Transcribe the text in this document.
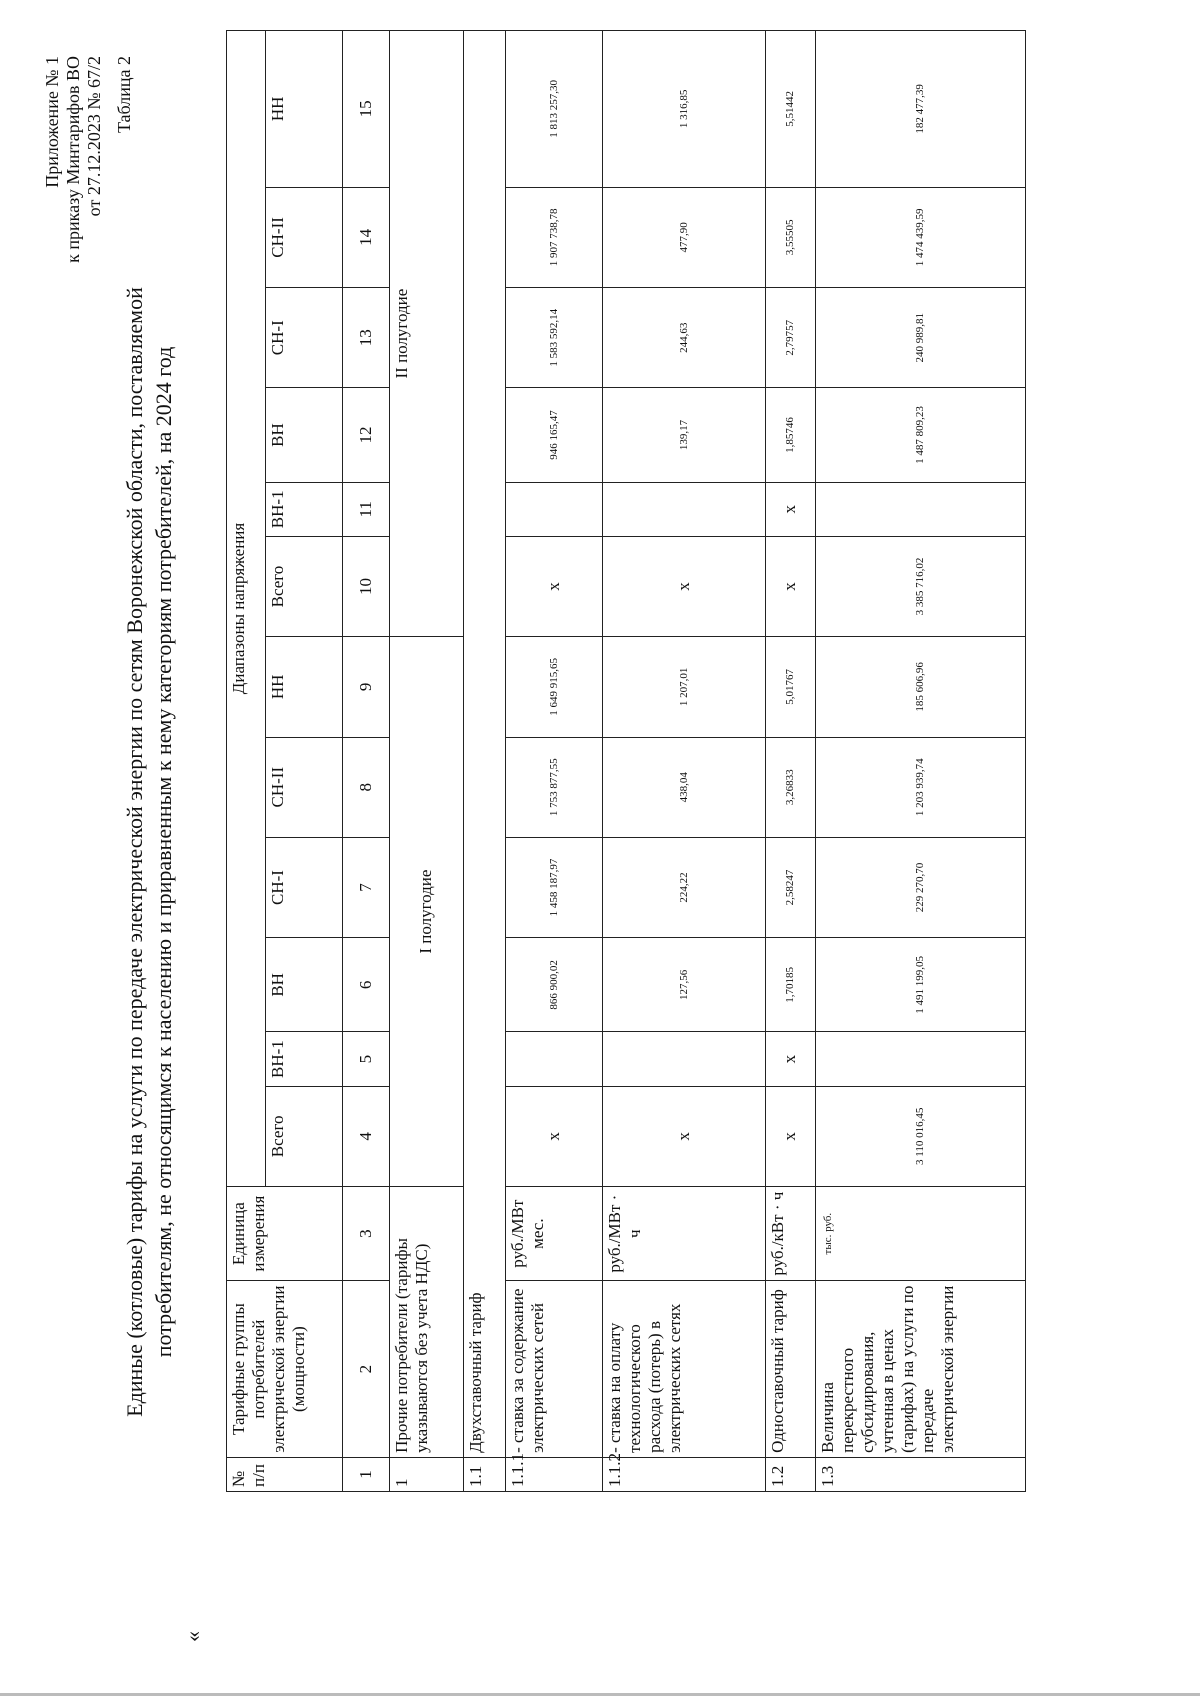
Приложение № 1 к приказу Минтарифов ВО от 27.12.2023 № 67/2 Таблица 2
Единые (котловые) тарифы на услуги по передаче электрической энергии по сетям Воронежской области, поставляемой потребителям, не относящимся к населению и приравненным к нему категориям потребителей, на 2024 год
«
№ п/п	Тарифные группы потребителей электрической энергии (мощности)	Единица измерения	Диапазоны напряжения											
			Всего	ВН-1	ВН	СН-I	СН-II	НН	Всего	ВН-1	ВН	СН-I	СН-II	НН
1	2	3	4	5	6	7	8	9	10	11	12	13	14	15
1	Прочие потребители (тарифы указываются без учета НДС)		I полугодие						II полугодие					
1.1	Двухставочный тариф													
1.1.1	- ставка за содержание электрических сетей	руб./МВт мес.	х		866 900,02	1 458 187,97	1 753 877,55	1 649 915,65	х		946 165,47	1 583 592,14	1 907 738,78	1 813 257,30
1.1.2	- ставка на оплату технологического расхода (потерь) в электрических сетях	руб./МВт · ч	х		127,56	224,22	438,04	1 207,01	х		139,17	244,63	477,90	1 316,85
1.2	Одноставочный тариф	руб./кВт · ч	х	х	1,70185	2,58247	3,26833	5,01767	х	х	1,85746	2,79757	3,55505	5,51442
1.3	Величина перекрестного субсидирования, учтенная в ценах (тарифах) на услуги по передаче электрической энергии	тыс. руб.	3 110 016,45		1 491 199,05	229 270,70	1 203 939,74	185 606,96	3 385 716,02		1 487 809,23	240 989,81	1 474 439,59	182 477,39
